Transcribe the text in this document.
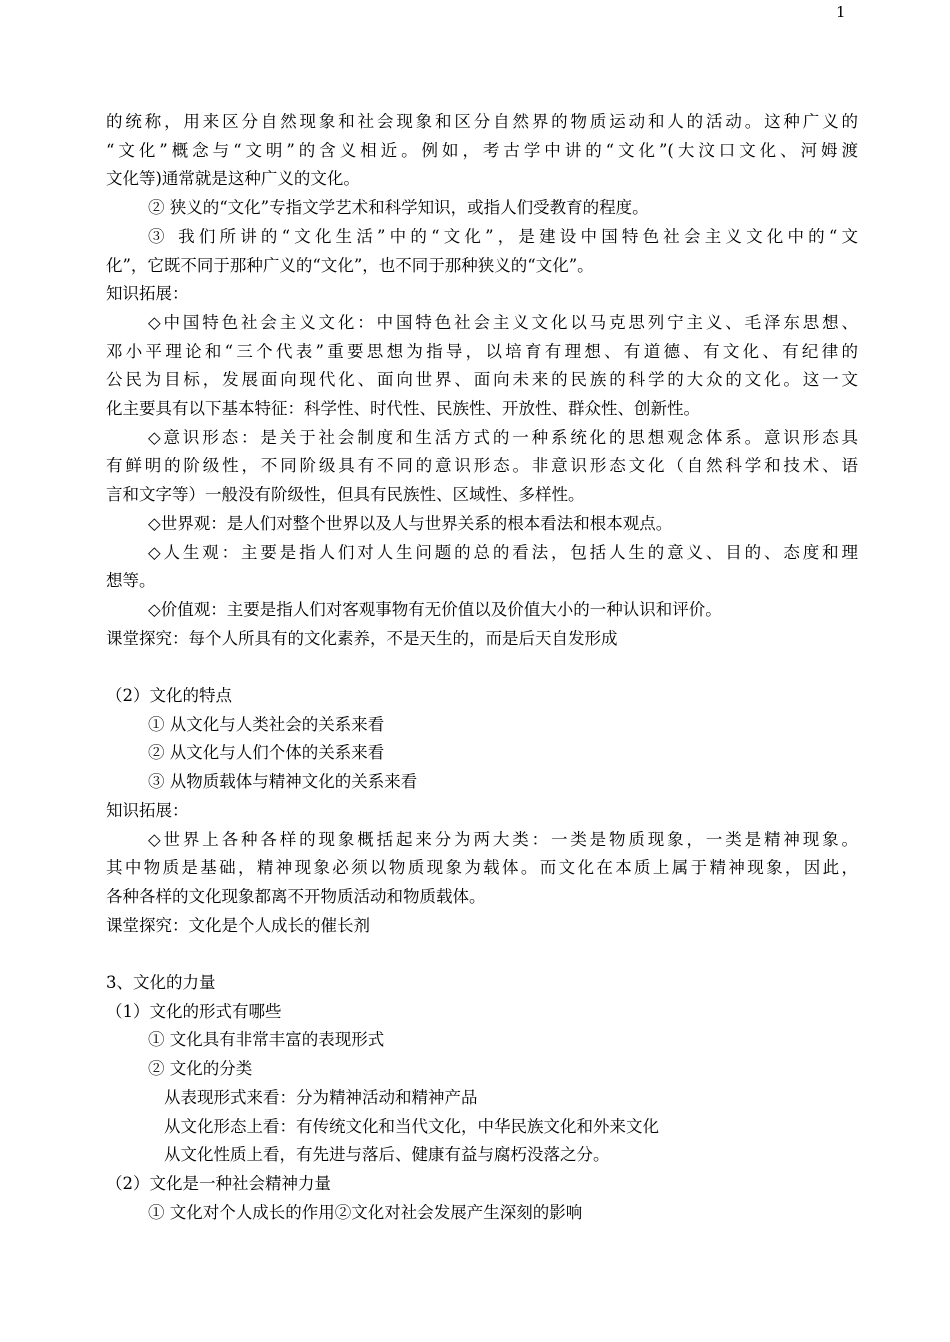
1

的统称，用来区分自然现象和社会现象和区分自然界的物质运动和人的活动。这种广义的

“文化”概念与“文明”的含义相近。例如，考古学中讲的“文化”(大汶口文化、河姆渡

文化等)通常就是这种广义的文化。

② 狭义的“文化”专指文学艺术和科学知识，或指人们受教育的程度。

③ 我们所讲的“文化生活”中的“文化”，是建设中国特色社会主义文化中的“文

化”，它既不同于那种广义的“文化”，也不同于那种狭义的“文化”。

知识拓展：

◇中国特色社会主义文化：中国特色社会主义文化以马克思列宁主义、毛泽东思想、

邓小平理论和“三个代表”重要思想为指导，以培育有理想、有道德、有文化、有纪律的

公民为目标，发展面向现代化、面向世界、面向未来的民族的科学的大众的文化。这一文

化主要具有以下基本特征：科学性、时代性、民族性、开放性、群众性、创新性。

◇意识形态：是关于社会制度和生活方式的一种系统化的思想观念体系。意识形态具

有鲜明的阶级性，不同阶级具有不同的意识形态。非意识形态文化（自然科学和技术、语

言和文字等）一般没有阶级性，但具有民族性、区域性、多样性。

◇世界观：是人们对整个世界以及人与世界关系的根本看法和根本观点。

◇人生观：主要是指人们对人生问题的总的看法，包括人生的意义、目的、态度和理

想等。

◇价值观：主要是指人们对客观事物有无价值以及价值大小的一种认识和评价。

课堂探究：每个人所具有的文化素养，不是天生的，而是后天自发形成

（2）文化的特点

① 从文化与人类社会的关系来看

② 从文化与人们个体的关系来看

③ 从物质载体与精神文化的关系来看

知识拓展：

◇世界上各种各样的现象概括起来分为两大类：一类是物质现象，一类是精神现象。

其中物质是基础，精神现象必须以物质现象为载体。而文化在本质上属于精神现象，因此，

各种各样的文化现象都离不开物质活动和物质载体。

课堂探究：文化是个人成长的催长剂

3、文化的力量

（1）文化的形式有哪些

① 文化具有非常丰富的表现形式

② 文化的分类

从表现形式来看：分为精神活动和精神产品

从文化形态上看：有传统文化和当代文化，中华民族文化和外来文化

从文化性质上看，有先进与落后、健康有益与腐朽没落之分。

（2）文化是一种社会精神力量

① 文化对个人成长的作用②文化对社会发展产生深刻的影响
